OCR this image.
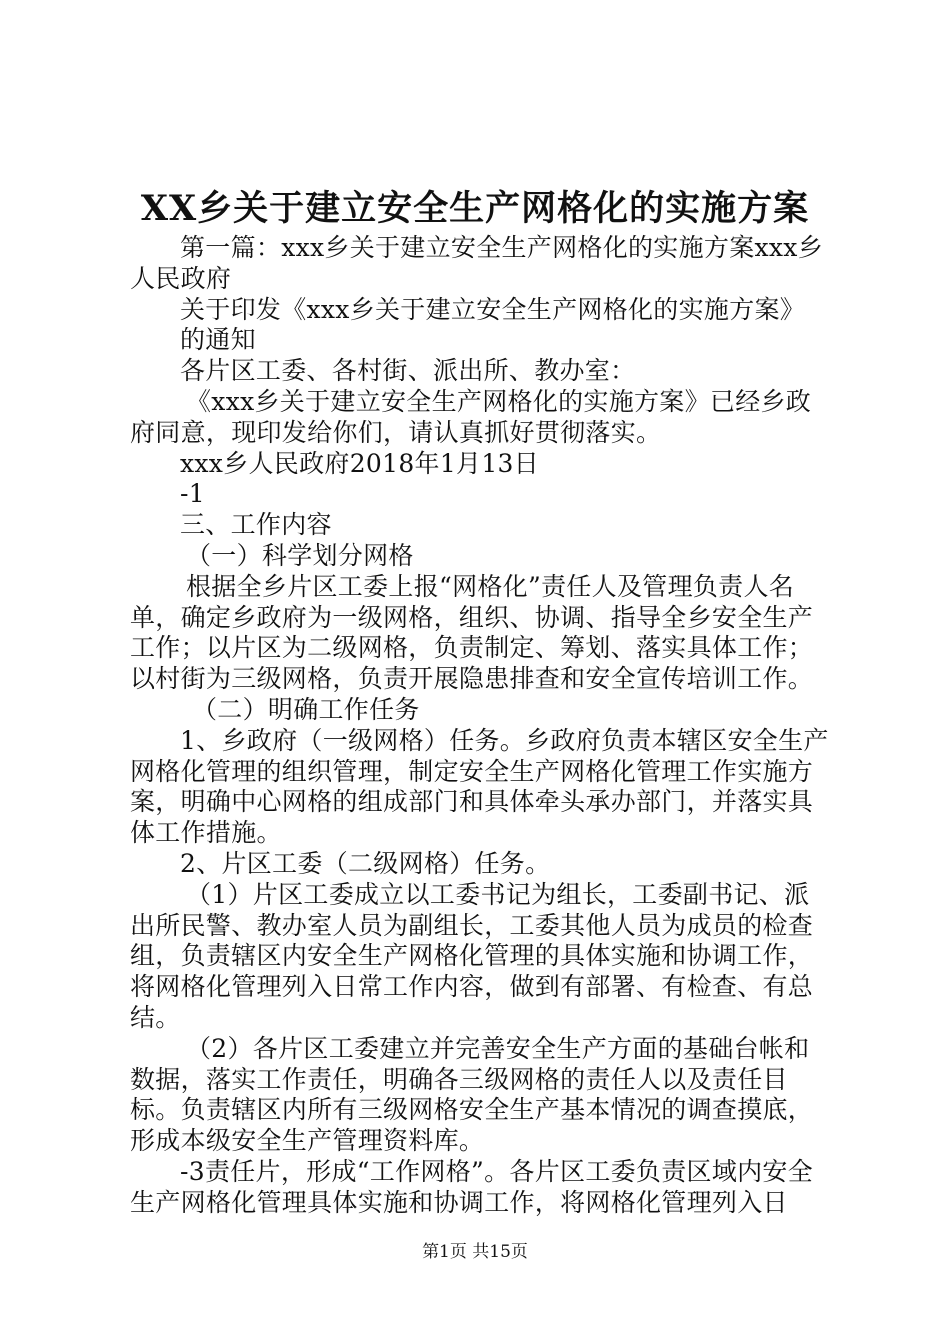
XX乡关于建立安全生产网格化的实施方案

第一篇：xxx乡关于建立安全生产网格化的实施方案xxx乡人民政府

关于印发《xxx乡关于建立安全生产网格化的实施方案》

的通知

各片区工委、各村街、派出所、教办室：

《xxx乡关于建立安全生产网格化的实施方案》已经乡政府同意，现印发给你们，请认真抓好贯彻落实。

xxx乡人民政府2018年1月13日

-1

三、工作内容

（一）科学划分网格

根据全乡片区工委上报“网格化”责任人及管理负责人名单，确定乡政府为一级网格，组织、协调、指导全乡安全生产工作；以片区为二级网格，负责制定、筹划、落实具体工作；以村街为三级网格，负责开展隐患排查和安全宣传培训工作。

（二）明确工作任务

1、乡政府（一级网格）任务。乡政府负责本辖区安全生产网格化管理的组织管理，制定安全生产网格化管理工作实施方案，明确中心网格的组成部门和具体牵头承办部门，并落实具体工作措施。

2、片区工委（二级网格）任务。

（1）片区工委成立以工委书记为组长，工委副书记、派出所民警、教办室人员为副组长，工委其他人员为成员的检查组，负责辖区内安全生产网格化管理的具体实施和协调工作，将网格化管理列入日常工作内容，做到有部署、有检查、有总结。

（2）各片区工委建立并完善安全生产方面的基础台帐和数据，落实工作责任，明确各三级网格的责任人以及责任目标。负责辖区内所有三级网格安全生产基本情况的调查摸底，形成本级安全生产管理资料库。

-3责任片，形成“工作网格”。各片区工委负责区域内安全生产网格化管理具体实施和协调工作，将网格化管理列入日

第1页 共15页
